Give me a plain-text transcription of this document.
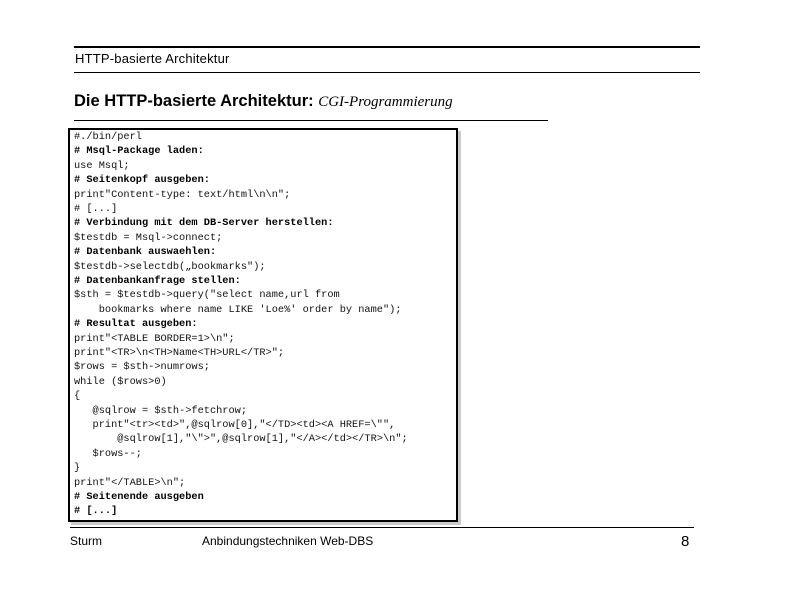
HTTP-basierte Architektur
Die HTTP-basierte Architektur: CGI-Programmierung
#./bin/perl
# Msql-Package laden:
use Msql;
# Seitenkopf ausgeben:
print"Content-type: text/html\n\n";
# [...]
# Verbindung mit dem DB-Server herstellen:
$testdb = Msql->connect;
# Datenbank auswaehlen:
$testdb->selectdb(„bookmarks");
# Datenbankanfrage stellen:
$sth = $testdb->query("select name,url from
bookmarks where name LIKE 'Loe%' order by name");
# Resultat ausgeben:
print"<TABLE BORDER=1>\n";
print"<TR>\n<TH>Name<TH>URL</TR>";
$rows = $sth->numrows;
while ($rows>0)
{
@sqlrow = $sth->fetchrow;
print"<tr><td>",@sqlrow[0],"</TD><td><A HREF=\"",
@sqlrow[1],"\">",@sqlrow[1],"</A></td></TR>\n";
$rows--;
}
print"</TABLE>\n";
# Seitenende ausgeben
# [...]
Sturm	Anbindungstechniken Web-DBS	8
